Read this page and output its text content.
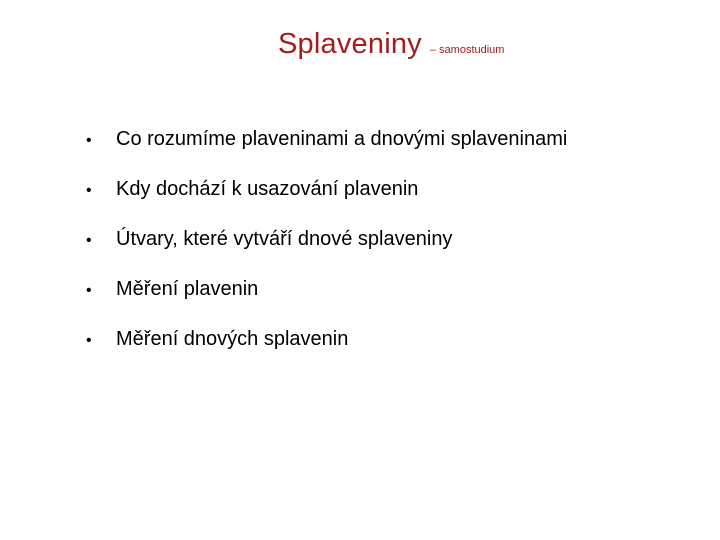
Splaveniny – samostudium
•	Co rozumíme plaveninami a dnovými splaveninami
•	Kdy dochází k usazování plavenin
•	Útvary, které vytváří dnové splaveniny
•	Měření plavenin
•	Měření dnových splavenin
